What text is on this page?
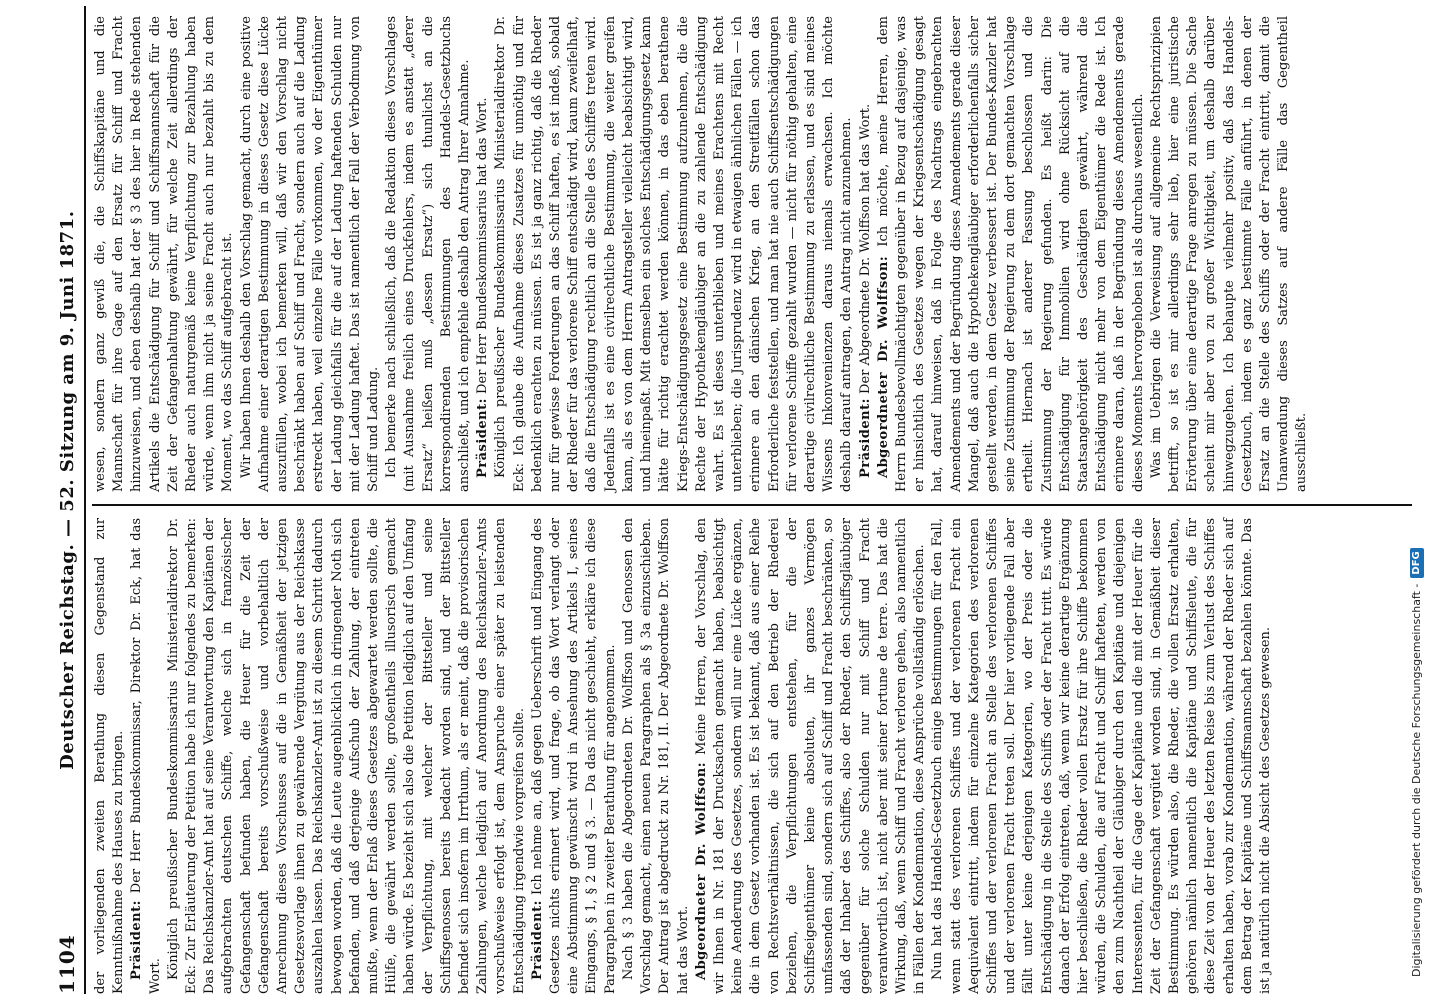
1104
Deutscher Reichstag. — 52. Sitzung am 9. Juni 1871. der vorliegenden zweiten Berathung diesen Gegenstand zur Kenntnißnahme des Hauses zu bringen. Präsident: Der Herr Bundeskommissar, Direktor Dr. Eck, hat das Wort. Königlich preußischer Bundeskommissarius Ministerialdirektor Dr. Eck: Zur Erläuterung der Petition habe ich nur folgendes zu bemerken: Das Reichskanzler-Amt hat auf seine Verantwortung den Kapitänen der aufgebrachten deutschen Schiffe, welche sich in französischer Gefangenschaft befunden haben, die Heuer für die Zeit der Gefangenschaft bereits vorschußweise und vorbehaltlich der Anrechnung dieses Vorschusses auf die in Gemäßheit der jetzigen Gesetzesvorlage ihnen zu gewährende Vergütung aus der Reichskasse auszahlen lassen. Das Reichskanzler-Amt ist zu diesem Schritt dadurch bewogen worden, daß die Leute augenblicklich in dringender Noth sich befanden, und daß derjenige Aufschub der Zahlung, der eintreten mußte, wenn der Erlaß dieses Gesetzes abgewartet werden sollte, die Hülfe, die gewährt werden sollte, großentheils illusorisch gemacht haben würde. Es bezieht sich also die Petition lediglich auf den Umfang der Verpflichtung, mit welcher der Bittsteller und seine Schiffsgenossen bereits bedacht worden sind, und der Bittsteller befindet sich insofern im Irrthum, als er meint, daß die provisorischen Zahlungen, welche lediglich auf Anordnung des Reichskanzler-Amts vorschußweise erfolgt ist, dem Anspruche einer später zu leistenden Entschädigung irgendwie vorgreifen sollte. Präsident: Ich nehme an, daß gegen Ueberschrift und Eingang des Gesetzes nichts erinnert wird, und frage, ob das Wort verlangt oder eine Abstimmung gewünscht wird in Ansehung des Artikels I, seines Eingangs, § 1, § 2 und § 3. — Da das nicht geschieht, erkläre ich diese Paragraphen in zweiter Berathung für angenommen. Nach § 3 haben die Abgeordneten Dr. Wolffson und Genossen den Vorschlag gemacht, einen neuen Paragraphen als § 3a einzuschieben. Der Antrag ist abgedruckt zu Nr. 181, II. Der Abgeordnete Dr. Wolffson hat das Wort. Abgeordneter Dr. Wolffson: Meine Herren, der Vorschlag, den wir Ihnen in Nr. 181 der Drucksachen gemacht haben, beabsichtigt keine Aenderung des Gesetzes, sondern will nur eine Lücke ergänzen, die in dem Gesetz vorhanden ist. Es ist bekannt, daß aus einer Reihe von Rechtsverhältnissen, die sich auf den Betrieb der Rhederei beziehen, die Verpflichtungen entstehen, für die der Schiffseigenthümer keine absoluten, ihr ganzes Vermögen umfassenden sind, sondern sich auf Schiff und Fracht beschränken, so daß der Inhaber des Schiffes, also der Rheder, den Schiffsgläubiger gegenüber für solche Schulden nur mit Schiff und Fracht verantwortlich ist, nicht aber mit seiner fortune de terre. Das hat die Wirkung, daß, wenn Schiff und Fracht verloren gehen, also namentlich in Fällen der Kondemnation, diese Ansprüche vollständig erlöschen. Nun hat das Handels-Gesetzbuch einige Bestimmungen für den Fall, wenn statt des verlorenen Schiffes und der verlorenen Fracht ein Aequivalent eintritt, indem für einzelne Kategorien des verlorenen Schiffes und der verlorenen Fracht an Stelle des verlorenen Schiffes und der verlorenen Fracht treten soll. Der hier vorliegende Fall aber fällt unter keine derjenigen Kategorien, wo der Preis oder die Entschädigung in die Stelle des Schiffs oder der Fracht tritt. Es würde danach der Erfolg eintreten, daß, wenn wir keine derartige Ergänzung hier beschließen, die Rheder vollen Ersatz für ihre Schiffe bekommen würden, die Schulden, die auf Fracht und Schiff hafteten, werden von den zum Nachtheil der Gläubiger durch den Kapitäne und diejenigen Interessenten, für die Gage der Kapitäne und die mit der Heuer für die Zeit der Gefangenschaft vergütet worden sind, in Gemäßheit dieser Bestimmung. Es würden also, die Rheder, die vollen Ersatz erhalten, gehören nämlich namentlich die Kapitäne und Schiffsleute, die für diese Zeit von der Heuer des letzten Reise bis zum Verlust des Schiffes erhalten haben, vorab zur Kondemnation, während der Rheder sich auf dem Betrag der Kapitäne und Schiffsmannschaft bezahlen könnte. Das ist ja natürlich nicht die Absicht des Gesetzes gewesen.

wesen, sondern ganz gewiß die, die Schiffskapitäne und die Mannschaft für ihre Gage auf den Ersatz für Schiff und Fracht hinzuweisen, und eben deshalb hat der § 3 des hier in Rede stehenden Artikels die Entschädigung für Schiff und Schiffsmannschaft für die Zeit der Gefangenhaltung gewährt, für welche Zeit allerdings der Rheder auch naturgemäß keine Verpflichtung zur Bezahlung haben würde, wenn ihm nicht ja seine Fracht auch nur bezahlt bis zu dem Moment, wo das Schiff aufgebracht ist. Wir haben Ihnen deshalb den Vorschlag gemacht, durch eine positive Aufnahme einer derartigen Bestimmung in dieses Gesetz diese Lücke auszufüllen, wobei ich bemerken will, daß wir den Vorschlag nicht beschränkt haben auf Schiff und Fracht, sondern auch auf die Ladung erstreckt haben, weil einzelne Fälle vorkommen, wo der Eigenthümer der Ladung gleichfalls für die auf der Ladung haftenden Schulden nur mit der Ladung haftet. Das ist namentlich der Fall der Verbodmung von Schiff und Ladung. Ich bemerke nach schließlich, daß die Redaktion dieses Vorschlages (mit Ausnahme freilich eines Druckfehlers, indem es anstatt „derer Ersatz“ heißen muß „dessen Ersatz“) sich thunlichst an die korrespondirenden Bestimmungen des Handels-Gesetzbuchs anschließt, und ich empfehle deshalb den Antrag Ihrer Annahme. Präsident: Der Herr Bundeskommissarius hat das Wort. Königlich preußischer Bundeskommissarius Ministerialdirektor Dr. Eck: Ich glaube die Aufnahme dieses Zusatzes für unnöthig und für bedenklich erachten zu müssen. Es ist ja ganz richtig, daß die Rheder nur für gewisse Forderungen an das Schiff haften, es ist indeß, sobald der Rheder für das verlorene Schiff entschädigt wird, kaum zweifelhaft, daß die Entschädigung rechtlich an die Stelle des Schiffes treten wird. Jedenfalls ist es eine civilrechtliche Bestimmung, die weiter greifen kann, als es von dem Herrn Antragsteller vielleicht beabsichtigt wird, und hineinpaßt. Mit demselben ein solches Entschädigungsgesetz kann hätte für richtig erachtet werden können, in das eben berathene Kriegs-Entschädigungsgesetz eine Bestimmung aufzunehmen, die die Rechte der Hypothekengläubiger an die zu zahlende Entschädigung wahrt. Es ist dieses unterblieben und meines Erachtens mit Recht unterblieben; die Jurisprudenz wird in etwaigen ähnlichen Fällen — ich erinnere an den dänischen Krieg, an den Streitfällen schon das Erforderliche feststellen, und man hat nie auch Schiffsentschädigungen für verlorene Schiffe gezahlt wurden — nicht für nöthig gehalten, eine derartige civilrechtliche Bestimmung zu erlassen, und es sind meines Wissens Inkonvenienzen daraus niemals erwachsen. Ich möchte deshalb darauf antragen, den Antrag nicht anzunehmen. Präsident: Der Abgeordnete Dr. Wolffson hat das Wort. Abgeordneter Dr. Wolffson: Ich möchte, meine Herren, dem Herrn Bundesbevollmächtigten gegenüber in Bezug auf dasjenige, was er hinsichtlich des Gesetzes wegen der Kriegsentschädigung gesagt hat, darauf hinweisen, daß in Folge des Nachtrags eingebrachten Amendements und der Begründung dieses Amendements gerade dieser Mangel, daß auch die Hypothekengläubiger erforderlichenfalls sicher gestellt werden, in dem Gesetz verbessert ist. Der Bundes-Kanzler hat seine Zustimmung der Regierung zu dem dort gemachten Vorschlage ertheilt. Hiernach ist anderer Fassung beschlossen und die Zustimmung der Regierung gefunden. Es heißt darin: Die Entschädigung für Immobilien wird ohne Rücksicht auf die Staatsangehörigkeit des Geschädigten gewährt, während die Entschädigung nicht mehr von dem Eigenthümer die Rede ist. Ich erinnere daran, daß in der Begründung dieses Amendements gerade dieses Moments hervorgehoben ist als durchaus wesentlich. Was im Uebrigen die Verweisung auf allgemeine Rechtsprinzipien betrifft, so ist es mir allerdings sehr lieb, hier eine juristische Erörterung über eine derartige Frage anregen zu müssen. Die Sache scheint mir aber von zu großer Wichtigkeit, um deshalb darüber hinwegzugehen. Ich behaupte vielmehr positiv, daß das Handels-Gesetzbuch, indem es ganz bestimmte Fälle anführt, in denen der Ersatz an die Stelle des Schiffs oder der Fracht eintritt, damit die Unanwendung dieses Satzes auf andere Fälle das Gegentheil ausschließt.

Digitalisierung gefördert durch die Deutsche Forschungsgemeinschaft -
DFG
